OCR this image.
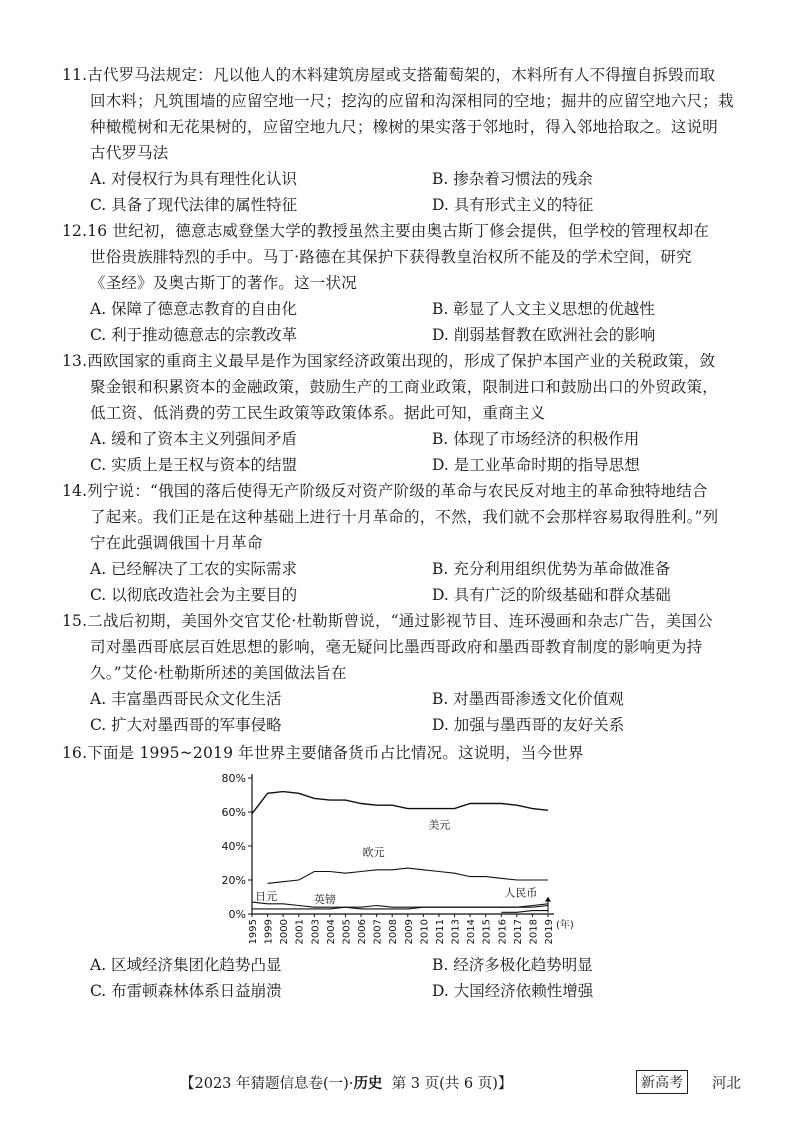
11.古代罗马法规定：凡以他人的木料建筑房屋或支搭葡萄架的，木料所有人不得擅自拆毁而取
回木料；凡筑围墙的应留空地一尺；挖沟的应留和沟深相同的空地；掘井的应留空地六尺；栽
种橄榄树和无花果树的，应留空地九尺；橡树的果实落于邻地时，得入邻地拾取之。这说明
古代罗马法
A. 对侵权行为具有理性化认识	B. 掺杂着习惯法的残余
C. 具备了现代法律的属性特征	D. 具有形式主义的特征
12.16 世纪初，德意志威登堡大学的教授虽然主要由奥古斯丁修会提供，但学校的管理权却在
世俗贵族腓特烈的手中。马丁·路德在其保护下获得教皇治权所不能及的学术空间，研究
《圣经》及奥古斯丁的著作。这一状况
A. 保障了德意志教育的自由化	B. 彰显了人文主义思想的优越性
C. 利于推动德意志的宗教改革	D. 削弱基督教在欧洲社会的影响
13.西欧国家的重商主义最早是作为国家经济政策出现的，形成了保护本国产业的关税政策，敛
聚金银和积累资本的金融政策，鼓励生产的工商业政策，限制进口和鼓励出口的外贸政策，
低工资、低消费的劳工民生政策等政策体系。据此可知，重商主义
A. 缓和了资本主义列强间矛盾	B. 体现了市场经济的积极作用
C. 实质上是王权与资本的结盟	D. 是工业革命时期的指导思想
14.列宁说：“俄国的落后使得无产阶级反对资产阶级的革命与农民反对地主的革命独特地结合
了起来。我们正是在这种基础上进行十月革命的，不然，我们就不会那样容易取得胜利。”列
宁在此强调俄国十月革命
A. 已经解决了工农的实际需求	B. 充分利用组织优势为革命做准备
C. 以彻底改造社会为主要目的	D. 具有广泛的阶级基础和群众基础
15.二战后初期，美国外交官艾伦·杜勒斯曾说，“通过影视节目、连环漫画和杂志广告，美国公
司对墨西哥底层百姓思想的影响，毫无疑问比墨西哥政府和墨西哥教育制度的影响更为持
久。”艾伦·杜勒斯所述的美国做法旨在
A. 丰富墨西哥民众文化生活	B. 对墨西哥渗透文化价值观
C. 扩大对墨西哥的军事侵略	D. 加强与墨西哥的友好关系
16.下面是 1995~2019 年世界主要储备货币占比情况。这说明，当今世界
0%
20%
40%
60%
80%
1995 1999 2000 2001 2003 2004 2005 2006 2007 2008 2009 2010 2011 2013 2014 2015 2016 2017 2018 2019 (年)
美元
欧元
日元	英镑	人民币
A. 区域经济集团化趋势凸显	B. 经济多极化趋势明显
C. 布雷顿森林体系日益崩溃	D. 大国经济依赖性增强
【2023 年猜题信息卷(一)·历史 第 3 页(共 6 页)】	新高考	河北
